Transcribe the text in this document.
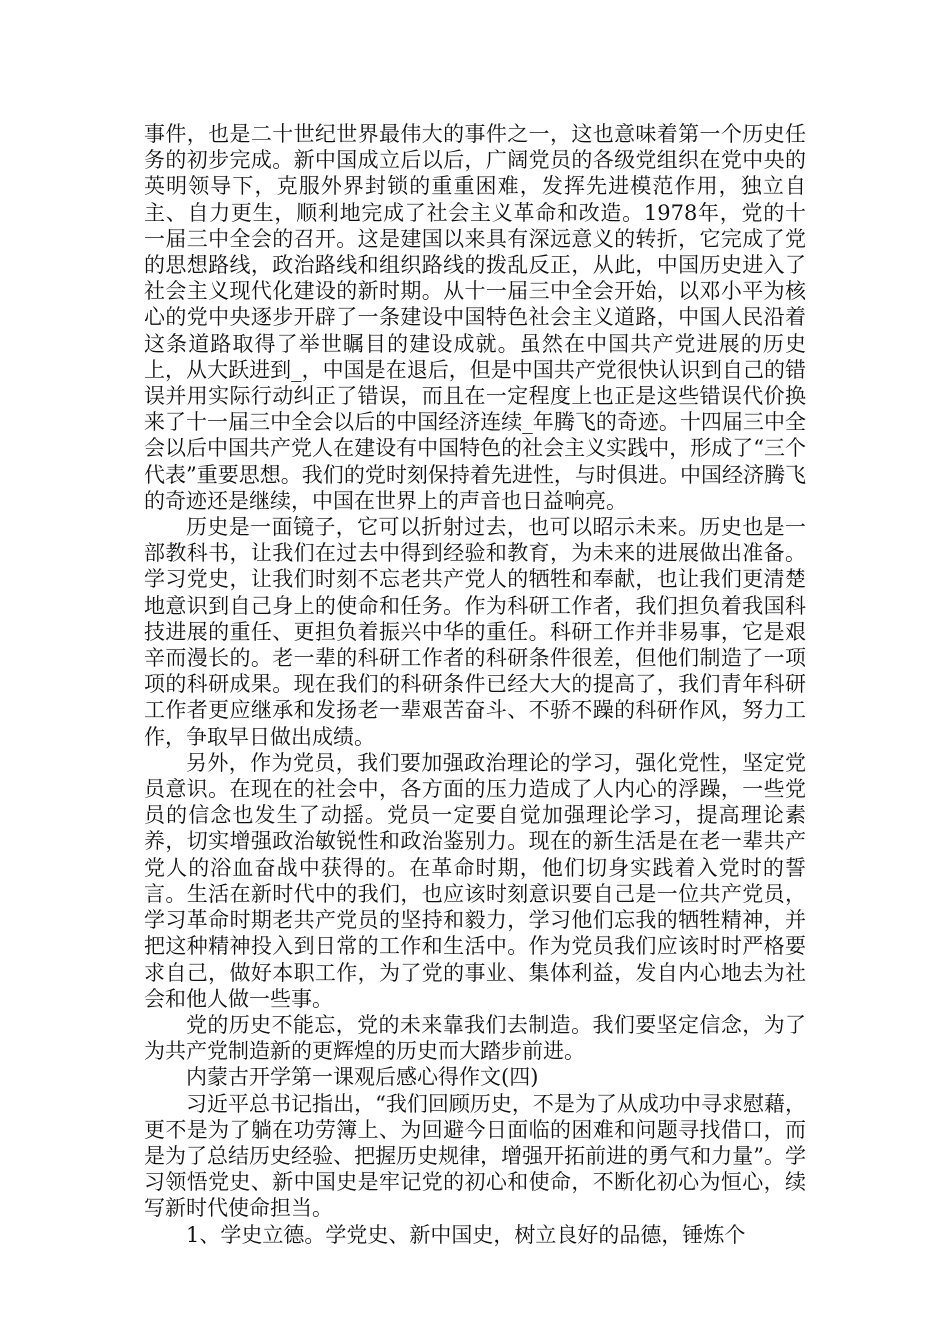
事件，也是二十世纪世界最伟大的事件之一，这也意味着第一个历史任务的初步完成。新中国成立后以后，广阔党员的各级党组织在党中央的英明领导下，克服外界封锁的重重困难，发挥先进模范作用，独立自主、自力更生，顺利地完成了社会主义革命和改造。1978年，党的十一届三中全会的召开。这是建国以来具有深远意义的转折，它完成了党的思想路线，政治路线和组织路线的拨乱反正，从此，中国历史进入了社会主义现代化建设的新时期。从十一届三中全会开始，以邓小平为核心的党中央逐步开辟了一条建设中国特色社会主义道路，中国人民沿着这条道路取得了举世瞩目的建设成就。虽然在中国共产党进展的历史上，从大跃进到_，中国是在退后，但是中国共产党很快认识到自己的错误并用实际行动纠正了错误，而且在一定程度上也正是这些错误代价换来了十一届三中全会以后的中国经济连续_年腾飞的奇迹。十四届三中全会以后中国共产党人在建设有中国特色的社会主义实践中，形成了“三个代表”重要思想。我们的党时刻保持着先进性，与时俱进。中国经济腾飞的奇迹还是继续，中国在世界上的声音也日益响亮。

历史是一面镜子，它可以折射过去，也可以昭示未来。历史也是一部教科书，让我们在过去中得到经验和教育，为未来的进展做出准备。学习党史，让我们时刻不忘老共产党人的牺牲和奉献，也让我们更清楚地意识到自己身上的使命和任务。作为科研工作者，我们担负着我国科技进展的重任、更担负着振兴中华的重任。科研工作并非易事，它是艰辛而漫长的。老一辈的科研工作者的科研条件很差，但他们制造了一项项的科研成果。现在我们的科研条件已经大大的提高了，我们青年科研工作者更应继承和发扬老一辈艰苦奋斗、不骄不躁的科研作风，努力工作，争取早日做出成绩。

另外，作为党员，我们要加强政治理论的学习，强化党性，坚定党员意识。在现在的社会中，各方面的压力造成了人内心的浮躁，一些党员的信念也发生了动摇。党员一定要自觉加强理论学习，提高理论素养，切实增强政治敏锐性和政治鉴别力。现在的新生活是在老一辈共产党人的浴血奋战中获得的。在革命时期，他们切身实践着入党时的誓言。生活在新时代中的我们，也应该时刻意识要自己是一位共产党员，学习革命时期老共产党员的坚持和毅力，学习他们忘我的牺牲精神，并把这种精神投入到日常的工作和生活中。作为党员我们应该时时严格要求自己，做好本职工作，为了党的事业、集体利益，发自内心地去为社会和他人做一些事。

党的历史不能忘，党的未来靠我们去制造。我们要坚定信念，为了为共产党制造新的更辉煌的历史而大踏步前进。

内蒙古开学第一课观后感心得作文(四)

习近平总书记指出，“我们回顾历史，不是为了从成功中寻求慰藉，更不是为了躺在功劳簿上、为回避今日面临的困难和问题寻找借口，而是为了总结历史经验、把握历史规律，增强开拓前进的勇气和力量”。学习领悟党史、新中国史是牢记党的初心和使命，不断化初心为恒心，续写新时代使命担当。

1、学史立德。学党史、新中国史，树立良好的品德，锤炼个
